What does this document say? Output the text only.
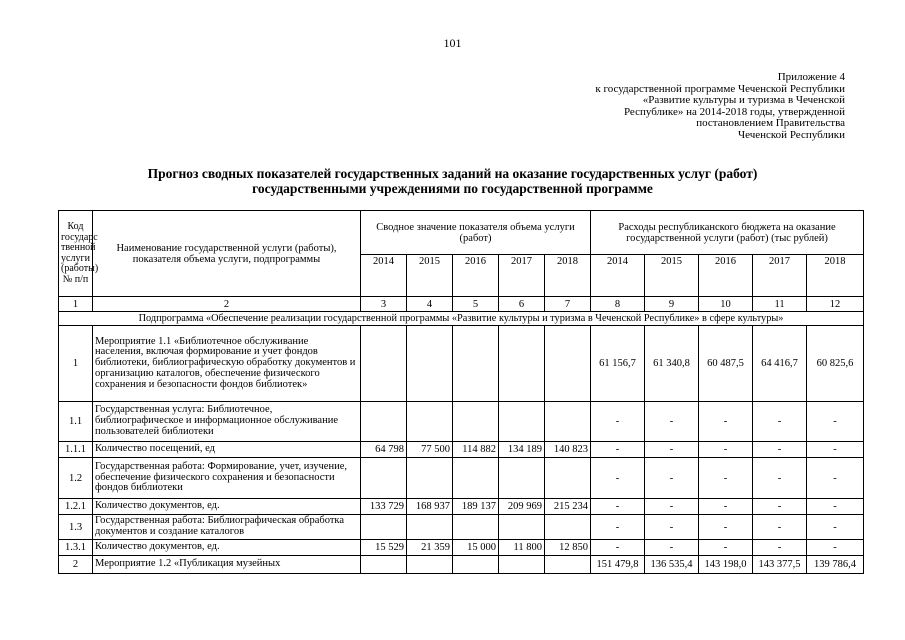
101
Приложение 4
к государственной программе Чеченской Республики
«Развитие культуры и туризма в Чеченской
Республике» на 2014-2018 годы, утвержденной
постановлением Правительства
Чеченской Республики
Прогноз сводных показателей государственных заданий на оказание государственных услуг (работ)
государственными учреждениями по государственной программе
Код государс твенной услуги (работы) № п/п	Наименование государственной услуги (работы), показателя объема услуги, подпрограммы	Сводное значение показателя объема услуги (работ)					Расходы республиканского бюджета на оказание государственной услуги (работ) (тыс рублей)				
		2014	2015	2016	2017	2018	2014	2015	2016	2017	2018
1	2	3	4	5	6	7	8	9	10	11	12
Подпрограмма «Обеспечение реализации государственной программы «Развитие культуры и туризма в Чеченской Республике» в сфере культуры»											
1	Мероприятие 1.1 «Библиотечное обслуживание населения, включая формирование и учет фондов библиотеки, библиографическую обработку документов и организацию каталогов, обеспечение физического сохранения и безопасности фондов библиотек»						61 156,7	61 340,8	60 487,5	64 416,7	60 825,6
1.1	Государственная услуга: Библиотечное, библиографическое и информационное обслуживание пользователей библиотеки						-	-	-	-	-
1.1.1	Количество посещений, ед	64 798	77 500	114 882	134 189	140 823	-	-	-	-	-
1.2	Государственная работа: Формирование, учет, изучение, обеспечение физического сохранения и безопасности фондов библиотеки						-	-	-	-	-
1.2.1	Количество документов, ед.	133 729	168 937	189 137	209 969	215 234	-	-	-	-	-
1.3	Государственная работа: Библиографическая обработка документов и создание каталогов						-	-	-	-	-
1.3.1	Количество документов, ед.	15 529	21 359	15 000	11 800	12 850	-	-	-	-	-
2	Мероприятие 1.2 «Публикация музейных						151 479,8	136 535,4	143 198,0	143 377,5	139 786,4
